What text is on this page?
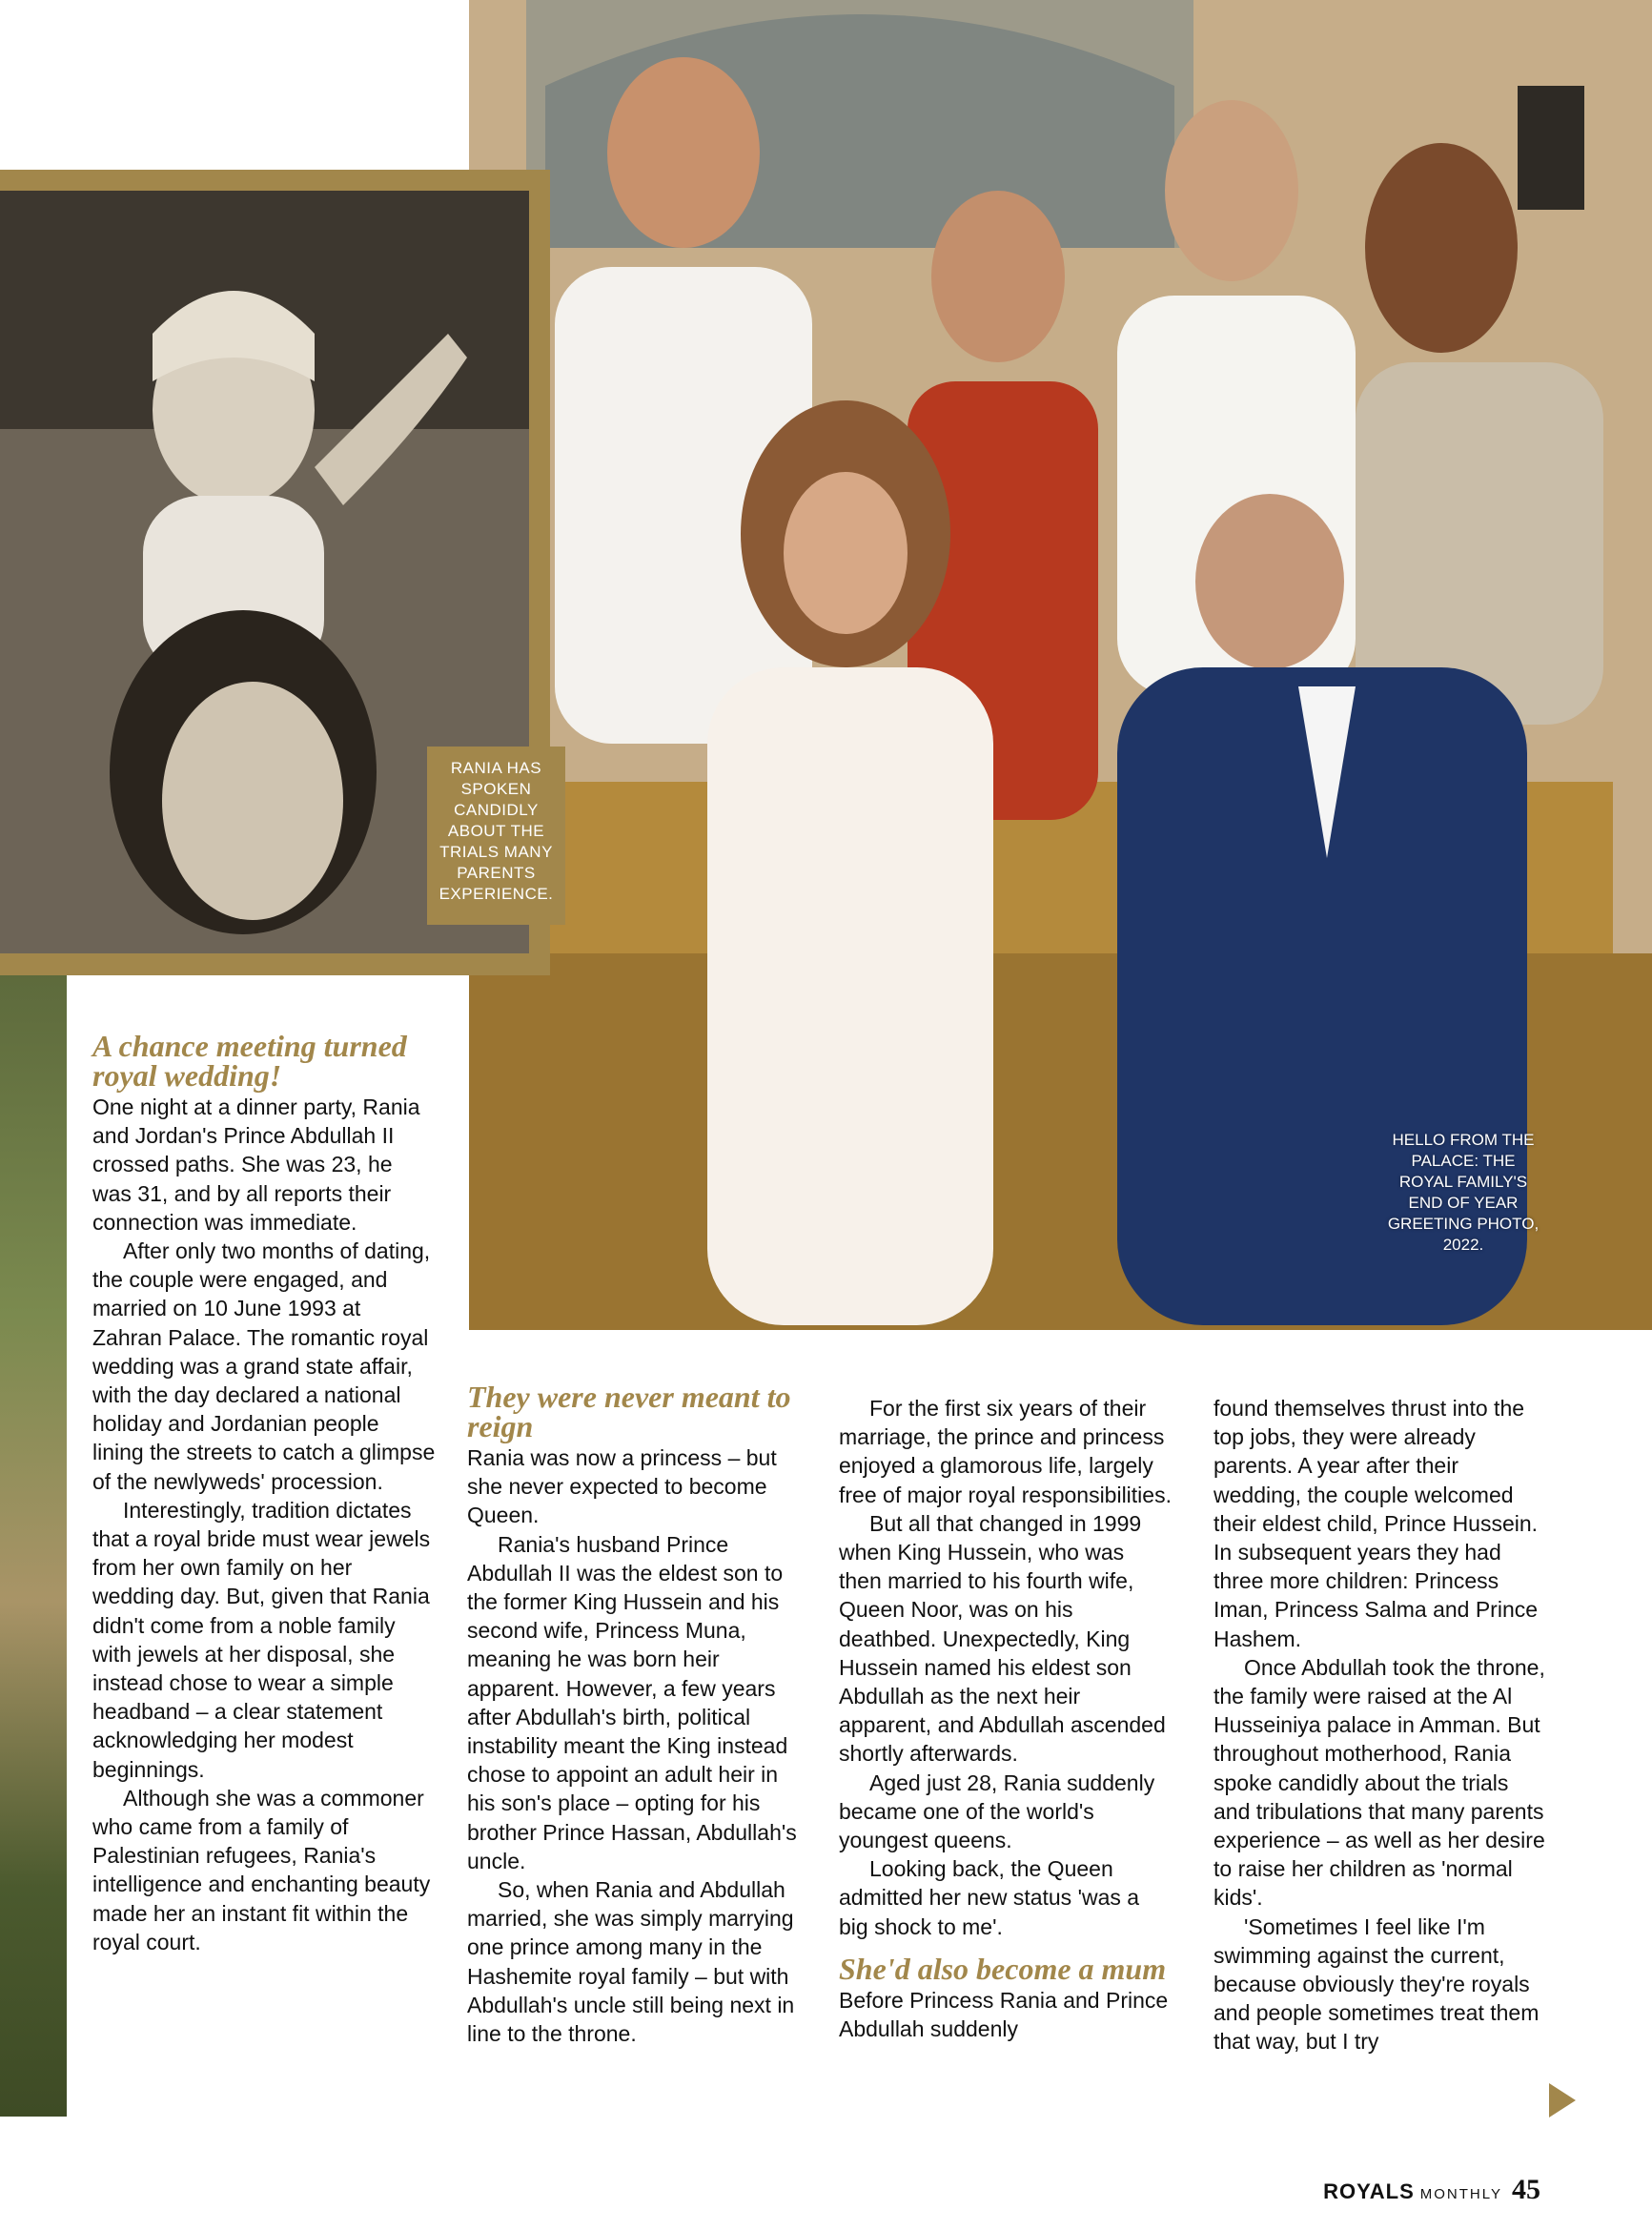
RANIA HAS SPOKEN CANDIDLY ABOUT THE TRIALS MANY PARENTS EXPERIENCE.
HELLO FROM THE PALACE: THE ROYAL FAMILY'S END OF YEAR GREETING PHOTO, 2022.
A chance meeting turned royal wedding!

One night at a dinner party, Rania and Jordan's Prince Abdullah II crossed paths. She was 23, he was 31, and by all reports their connection was immediate.

After only two months of dating, the couple were engaged, and married on 10 June 1993 at Zahran Palace. The romantic royal wedding was a grand state affair, with the day declared a national holiday and Jordanian people lining the streets to catch a glimpse of the newlyweds' procession.

Interestingly, tradition dictates that a royal bride must wear jewels from her own family on her wedding day. But, given that Rania didn't come from a noble family with jewels at her disposal, she instead chose to wear a simple headband – a clear statement acknowledging her modest beginnings.

Although she was a commoner who came from a family of Palestinian refugees, Rania's intelligence and enchanting beauty made her an instant fit within the royal court.

They were never meant to reign

Rania was now a princess – but she never expected to become Queen.

Rania's husband Prince Abdullah II was the eldest son to the former King Hussein and his second wife, Princess Muna, meaning he was born heir apparent. However, a few years after Abdullah's birth, political instability meant the King instead chose to appoint an adult heir in his son's place – opting for his brother Prince Hassan, Abdullah's uncle.

So, when Rania and Abdullah married, she was simply marrying one prince among many in the Hashemite royal family – but with Abdullah's uncle still being next in line to the throne.

For the first six years of their marriage, the prince and princess enjoyed a glamorous life, largely free of major royal responsibilities.

But all that changed in 1999 when King Hussein, who was then married to his fourth wife, Queen Noor, was on his deathbed. Unexpectedly, King Hussein named his eldest son Abdullah as the next heir apparent, and Abdullah ascended shortly afterwards.

Aged just 28, Rania suddenly became one of the world's youngest queens.

Looking back, the Queen admitted her new status 'was a big shock to me'.

She'd also become a mum

Before Princess Rania and Prince Abdullah suddenly

found themselves thrust into the top jobs, they were already parents. A year after their wedding, the couple welcomed their eldest child, Prince Hussein. In subsequent years they had three more children: Princess Iman, Princess Salma and Prince Hashem.

Once Abdullah took the throne, the family were raised at the Al Husseiniya palace in Amman. But throughout motherhood, Rania spoke candidly about the trials and tribulations that many parents experience – as well as her desire to raise her children as 'normal kids'.

'Sometimes I feel like I'm swimming against the current, because obviously they're royals and people sometimes treat them that way, but I try

ROYALS MONTHLY 45
